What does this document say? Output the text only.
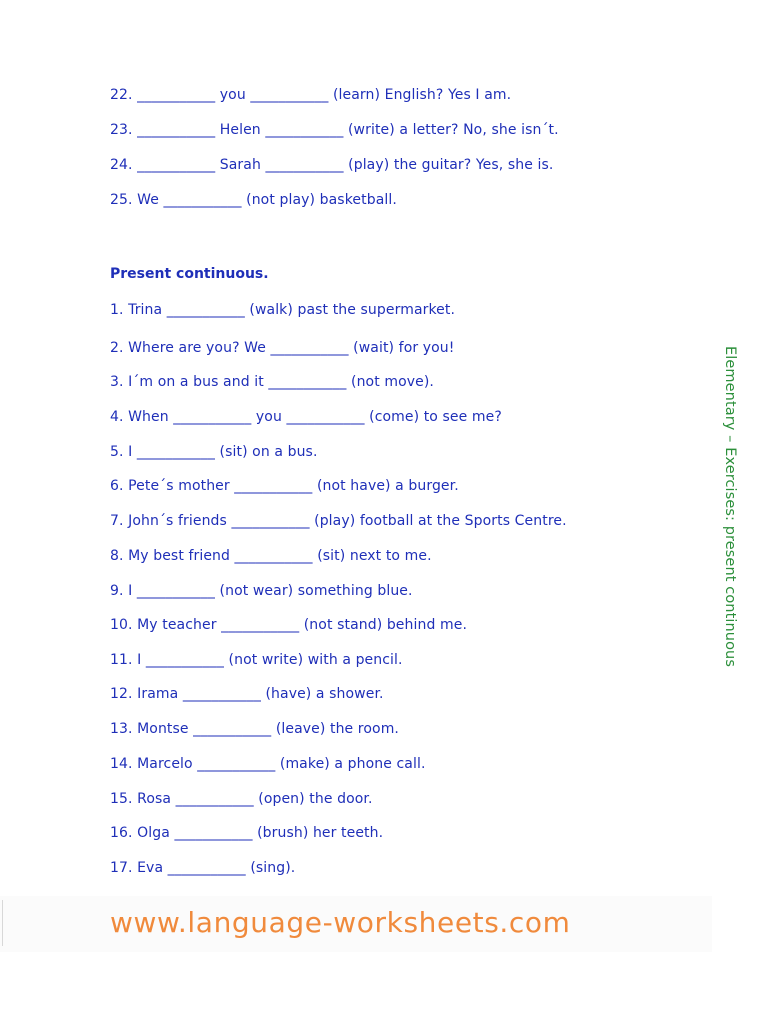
22. ___________ you ___________ (learn) English? Yes I am.
23. ___________ Helen ___________ (write) a letter? No, she isn´t.
24. ___________ Sarah ___________ (play) the guitar? Yes, she is.
25. We ___________ (not play) basketball.
Present continuous.
1. Trina ___________ (walk) past the supermarket.
2. Where are you? We ___________ (wait) for you!
3. I´m on a bus and it ___________ (not move).
4. When ___________ you ___________ (come) to see me?
5. I ___________ (sit) on a bus.
6. Pete´s mother ___________ (not have) a burger.
7. John´s friends ___________ (play) football at the Sports Centre.
8. My best friend ___________ (sit) next to me.
9. I ___________ (not wear) something blue.
10. My teacher ___________ (not stand) behind me.
11. I ___________ (not write) with a pencil.
12. Irama ___________ (have) a shower.
13. Montse ___________ (leave) the room.
14. Marcelo ___________ (make) a phone call.
15. Rosa ___________ (open) the door.
16. Olga ___________ (brush) her teeth.
17. Eva ___________ (sing).
Elementary – Exercises: present continuous
www.language-worksheets.com
